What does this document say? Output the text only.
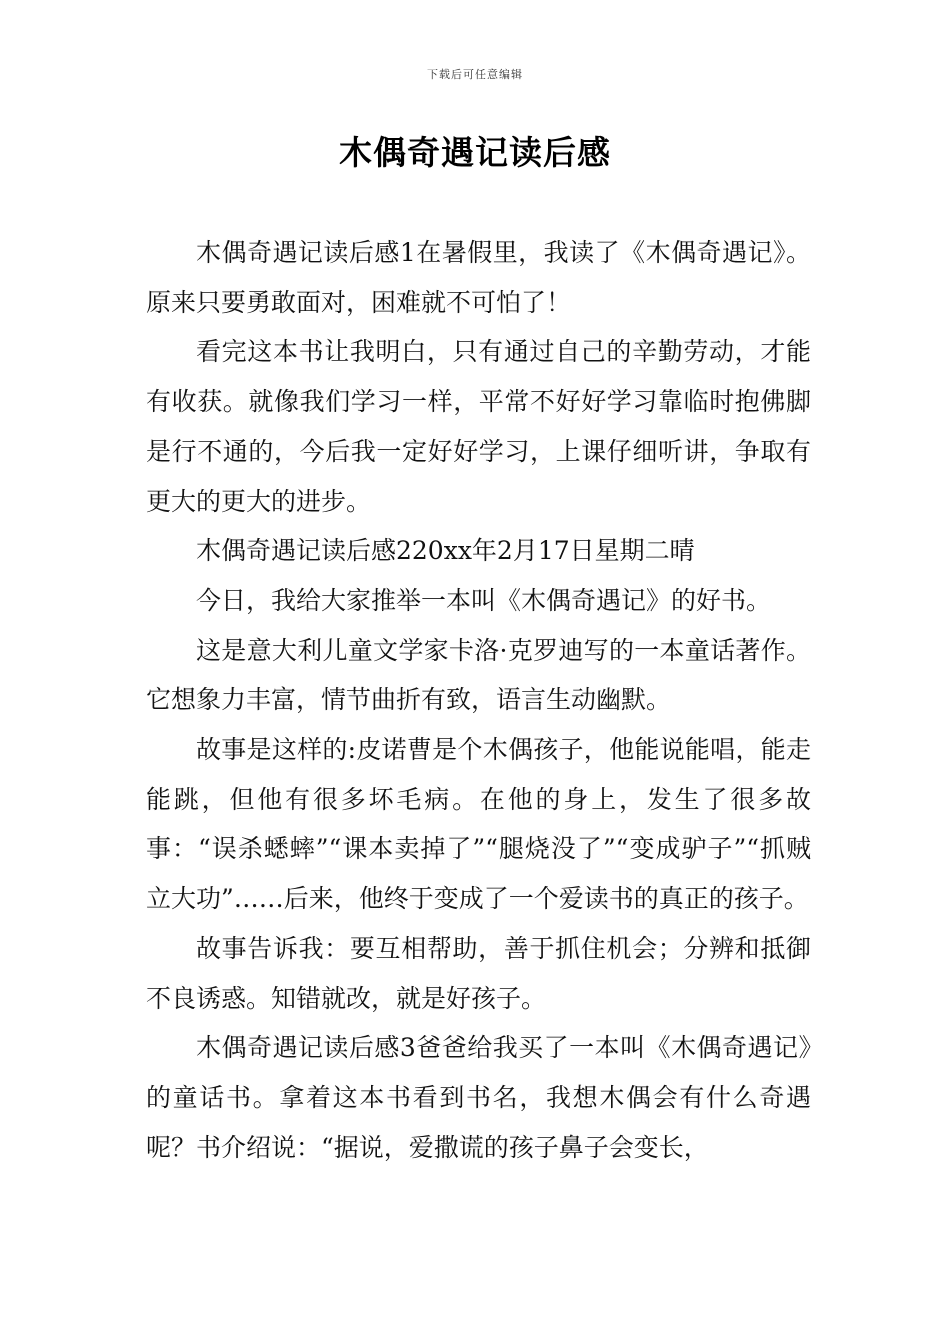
下载后可任意编辑
木偶奇遇记读后感

木偶奇遇记读后感1在暑假里，我读了《木偶奇遇记》。原来只要勇敢面对，困难就不可怕了！

看完这本书让我明白，只有通过自己的辛勤劳动，才能有收获。就像我们学习一样，平常不好好学习靠临时抱佛脚是行不通的，今后我一定好好学习，上课仔细听讲，争取有更大的更大的进步。

木偶奇遇记读后感220xx年2月17日星期二晴

今日，我给大家推举一本叫《木偶奇遇记》的好书。

这是意大利儿童文学家卡洛·克罗迪写的一本童话著作。它想象力丰富，情节曲折有致，语言生动幽默。

故事是这样的:皮诺曹是个木偶孩子，他能说能唱，能走能跳，但他有很多坏毛病。在他的身上，发生了很多故事：“误杀蟋蟀”“课本卖掉了”“腿烧没了”“变成驴子”“抓贼立大功”……后来，他终于变成了一个爱读书的真正的孩子。

故事告诉我：要互相帮助，善于抓住机会；分辨和抵御不良诱惑。知错就改，就是好孩子。

木偶奇遇记读后感3爸爸给我买了一本叫《木偶奇遇记》的童话书。拿着这本书看到书名，我想木偶会有什么奇遇呢？书介绍说：“据说，爱撒谎的孩子鼻子会变长，
